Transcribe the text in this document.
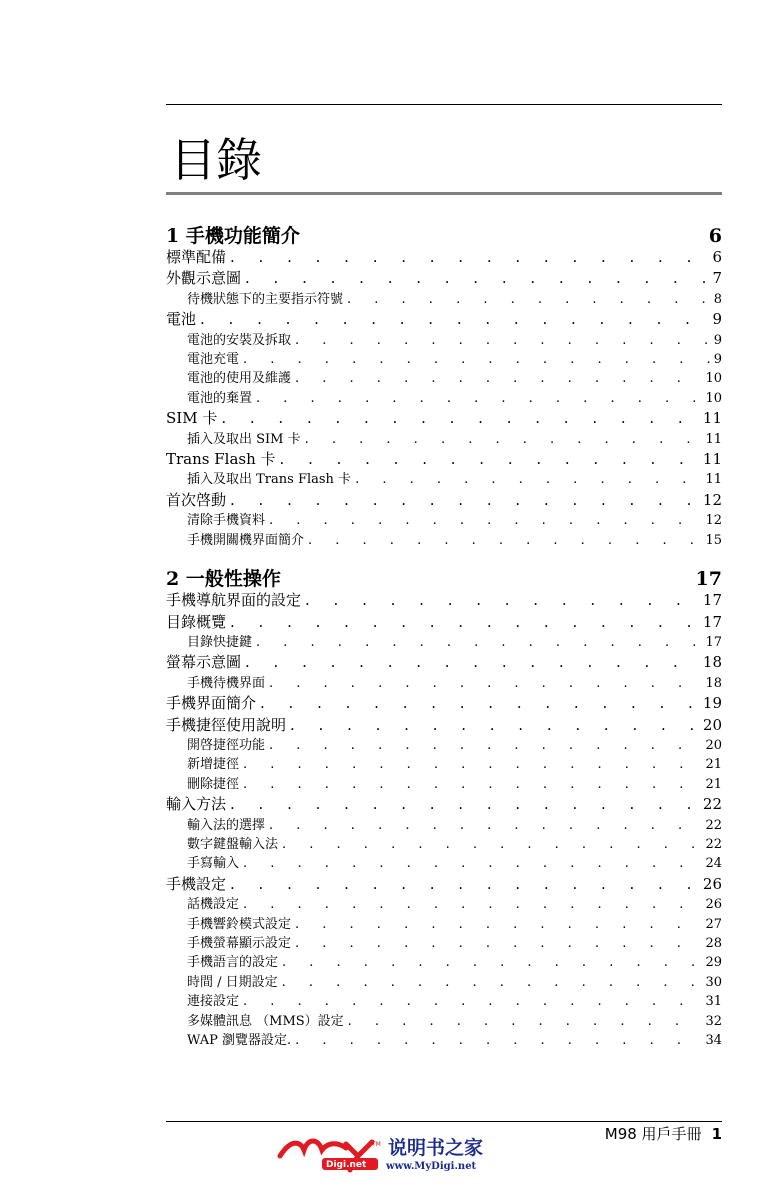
目錄
1 手機功能簡介	6
標準配備 . . .	6
外觀示意圖 . . .	7
待機狀態下的主要指示符號 . . .	8
電池 . . .	9
電池的安裝及拆取 . . .	9
電池充電 . . .	9
電池的使用及維護 . . .	10
電池的棄置 . . .	10
SIM 卡 . . .	11
插入及取出 SIM 卡 . . .	11
Trans Flash 卡 . . .	11
插入及取出 Trans Flash 卡 . . .	11
首次啓動 . . .	12
清除手機資料 . . .	12
手機開關機界面簡介 . . .	15
2 一般性操作	17
手機導航界面的設定 . . .	17
目錄概覽 . . .	17
目錄快捷鍵 . . .	17
螢幕示意圖 . . .	18
手機待機界面 . . .	18
手機界面簡介 . . .	19
手機捷徑使用說明 . . .	20
開啓捷徑功能 . . .	20
新增捷徑 . . .	21
刪除捷徑 . . .	21
輸入方法 . . .	22
輸入法的選擇 . . .	22
數字鍵盤輸入法 . . .	22
手寫輸入 . . .	24
手機設定 . . .	26
話機設定 . . .	26
手機響鈴模式設定 . . .	27
手機螢幕顯示設定 . . .	28
手機語言的設定 . . .	29
時間 / 日期設定 . . .	30
連接設定 . . .	31
多媒體訊息 （MMS）設定 . . .	32
WAP 瀏覽器設定. . . .	34
M98 用戶手冊 1
TM
Digi.net
说明书之家
www.MyDigi.net
